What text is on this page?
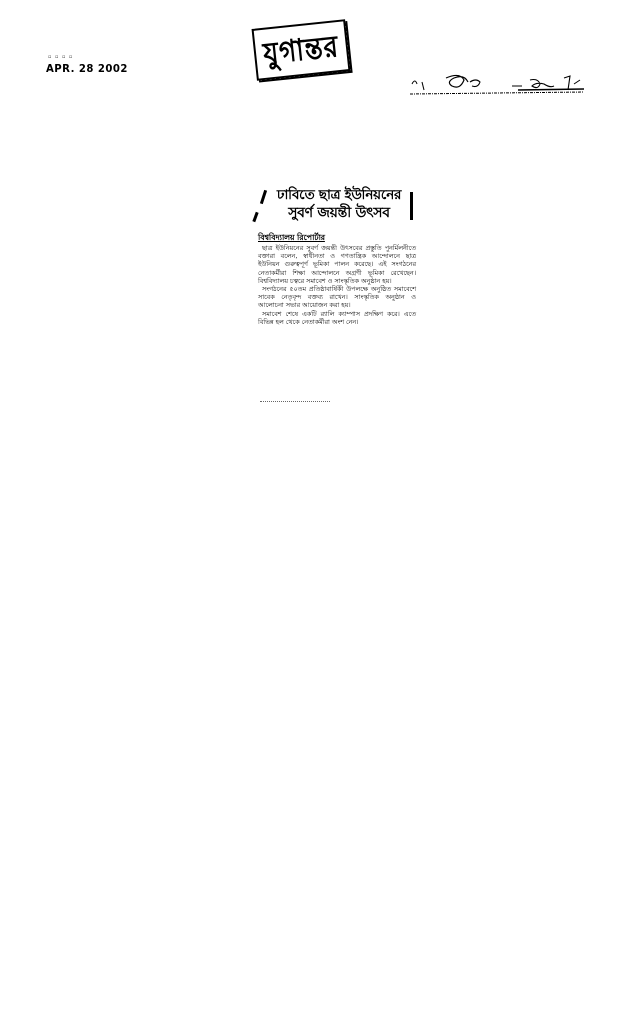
▫ ▫ ▫ ▫
APR. 28 2002	যুগান্তর
ঢাবিতে ছাত্র ইউনিয়নের
সুবর্ণ জয়ন্তী উৎসব
বিশ্ববিদ্যালয় রিপোর্টার

ছাত্র ইউনিয়নের সুবর্ণ জয়ন্তী উৎসবের প্রস্তুতি পুনর্মিলনীতে বক্তারা বলেন, স্বাধীনতা ও গণতান্ত্রিক আন্দোলনে ছাত্র ইউনিয়ন গুরুত্বপূর্ণ ভূমিকা পালন করেছে। এই সংগঠনের নেতাকর্মীরা শিক্ষা আন্দোলনে অগ্রণী ভূমিকা রেখেছেন। বিশ্ববিদ্যালয় চত্বরে সমাবেশ ও সাংস্কৃতিক অনুষ্ঠান হয়।

সংগঠনের ৫০তম প্রতিষ্ঠাবার্ষিকী উপলক্ষে অনুষ্ঠিত সমাবেশে সাবেক নেতৃবৃন্দ বক্তব্য রাখেন। সাংস্কৃতিক অনুষ্ঠান ও আলোচনা সভার আয়োজন করা হয়।

সমাবেশ শেষে একটি র‍্যালি ক্যাম্পাস প্রদক্ষিণ করে। এতে বিভিন্ন হল থেকে নেতাকর্মীরা অংশ নেন।
